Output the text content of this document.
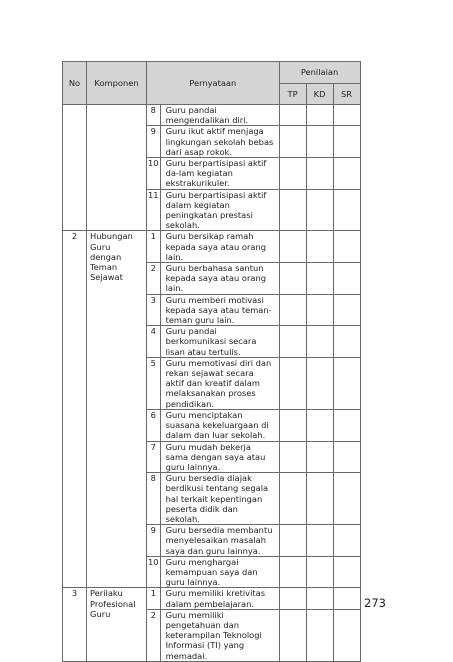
No	Komponen	Pernyataan		Penilaian		
				TP	KD	SR
		8	Guru pandai mengendalikan diri.			
		9	Guru ikut aktif menjaga lingkungan sekolah bebas dari asap rokok.			
		10	Guru berpartisipasi aktif da-lam kegiatan ekstrakurikuler.			
		11	Guru berpartisipasi aktif dalam kegiatan peningkatan prestasi sekolah.			
2	Hubungan Guru dengan Teman Sejawat	1	Guru bersikap ramah kepada saya atau orang lain.			
		2	Guru berbahasa santun kepada saya atau orang lain.			
		3	Guru memberi motivasi kepada saya atau teman-teman guru lain.			
		4	Guru pandai berkomunikasi secara lisan atau tertulis.			
		5	Guru memotivasi diri dan rekan sejawat secara aktif dan kreatif dalam melaksanakan proses pendidikan.			
		6	Guru menciptakan suasana kekeluargaan di dalam dan luar sekolah.			
		7	Guru mudah bekerja sama dengan saya atau guru lainnya.			
		8	Guru bersedia diajak berdikusi tentang segala hal terkait kepentingan peserta didik dan sekolah.			
		9	Guru bersedia membantu menyelesaikan masalah saya dan guru lainnya.			
		10	Guru menghargai kemampuan saya dan guru lainnya.			
3	Perilaku Profesional Guru	1	Guru memiliki kretivitas dalam pembelajaran.			
		2	Guru memiliki pengetahuan dan keterampilan Teknologi Informasi (TI) yang memadai.			

273
